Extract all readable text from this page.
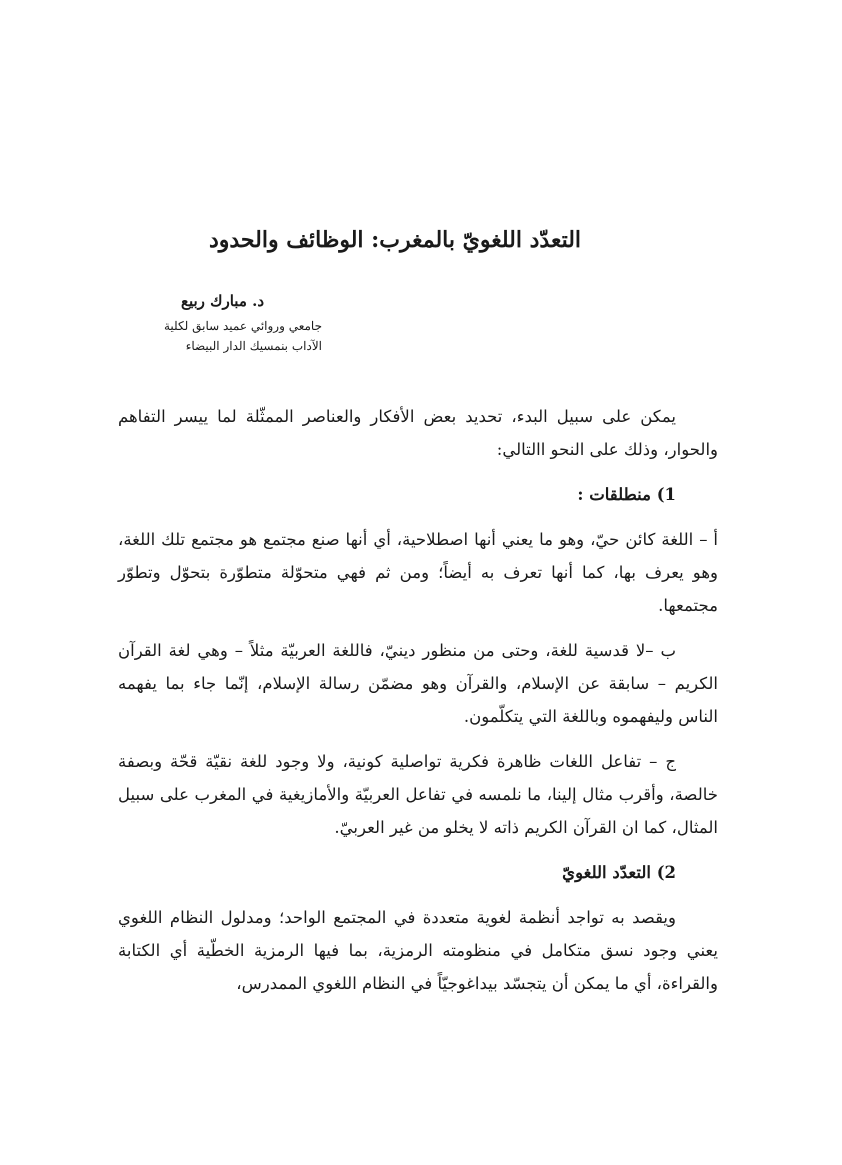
التعدّد اللغويّ بالمغرب: الوظائف والحدود

د. مبارك ربيع

جامعي وروائي عميد سابق لكلية

الآداب بنمسيك الدار البيضاء

يمكن على سبيل البدء، تحديد بعض الأفكار والعناصر الممثّلة لما ييسر التفاهم والحوار، وذلك على النحو االتالي:

1) منطلقات :

أ – اللغة كائن حيّ، وهو ما يعني أنها اصطلاحية، أي أنها صنع مجتمع هو مجتمع تلك اللغة، وهو يعرف بها، كما أنها تعرف به أيضاً؛ ومن ثم فهي متحوّلة متطوّرة بتحوّل وتطوّر مجتمعها.

ب –لا قدسية للغة، وحتى من منظور دينيّ، فاللغة العربيّة مثلاً – وهي لغة القرآن الكريم – سابقة عن الإسلام، والقرآن وهو مضمّن رسالة الإسلام، إنّما جاء بما يفهمه الناس وليفهموه وباللغة التي يتكلّمون.

ج – تفاعل اللغات ظاهرة فكرية تواصلية كونية، ولا وجود للغة نقيّة قحّة وبصفة خالصة، وأقرب مثال إلينا، ما نلمسه في تفاعل العربيّة والأمازيغية في المغرب على سبيل المثال، كما ان القرآن الكريم ذاته لا يخلو من غير العربيّ.

2) التعدّد اللغويّ

ويقصد به تواجد أنظمة لغوية متعددة في المجتمع الواحد؛ ومدلول النظام اللغوي يعني وجود نسق متكامل في منظومته الرمزية، بما فيها الرمزية الخطّية أي الكتابة والقراءة، أي ما يمكن أن يتجسّد بيداغوجيّاً في النظام اللغوي الممدرس،
